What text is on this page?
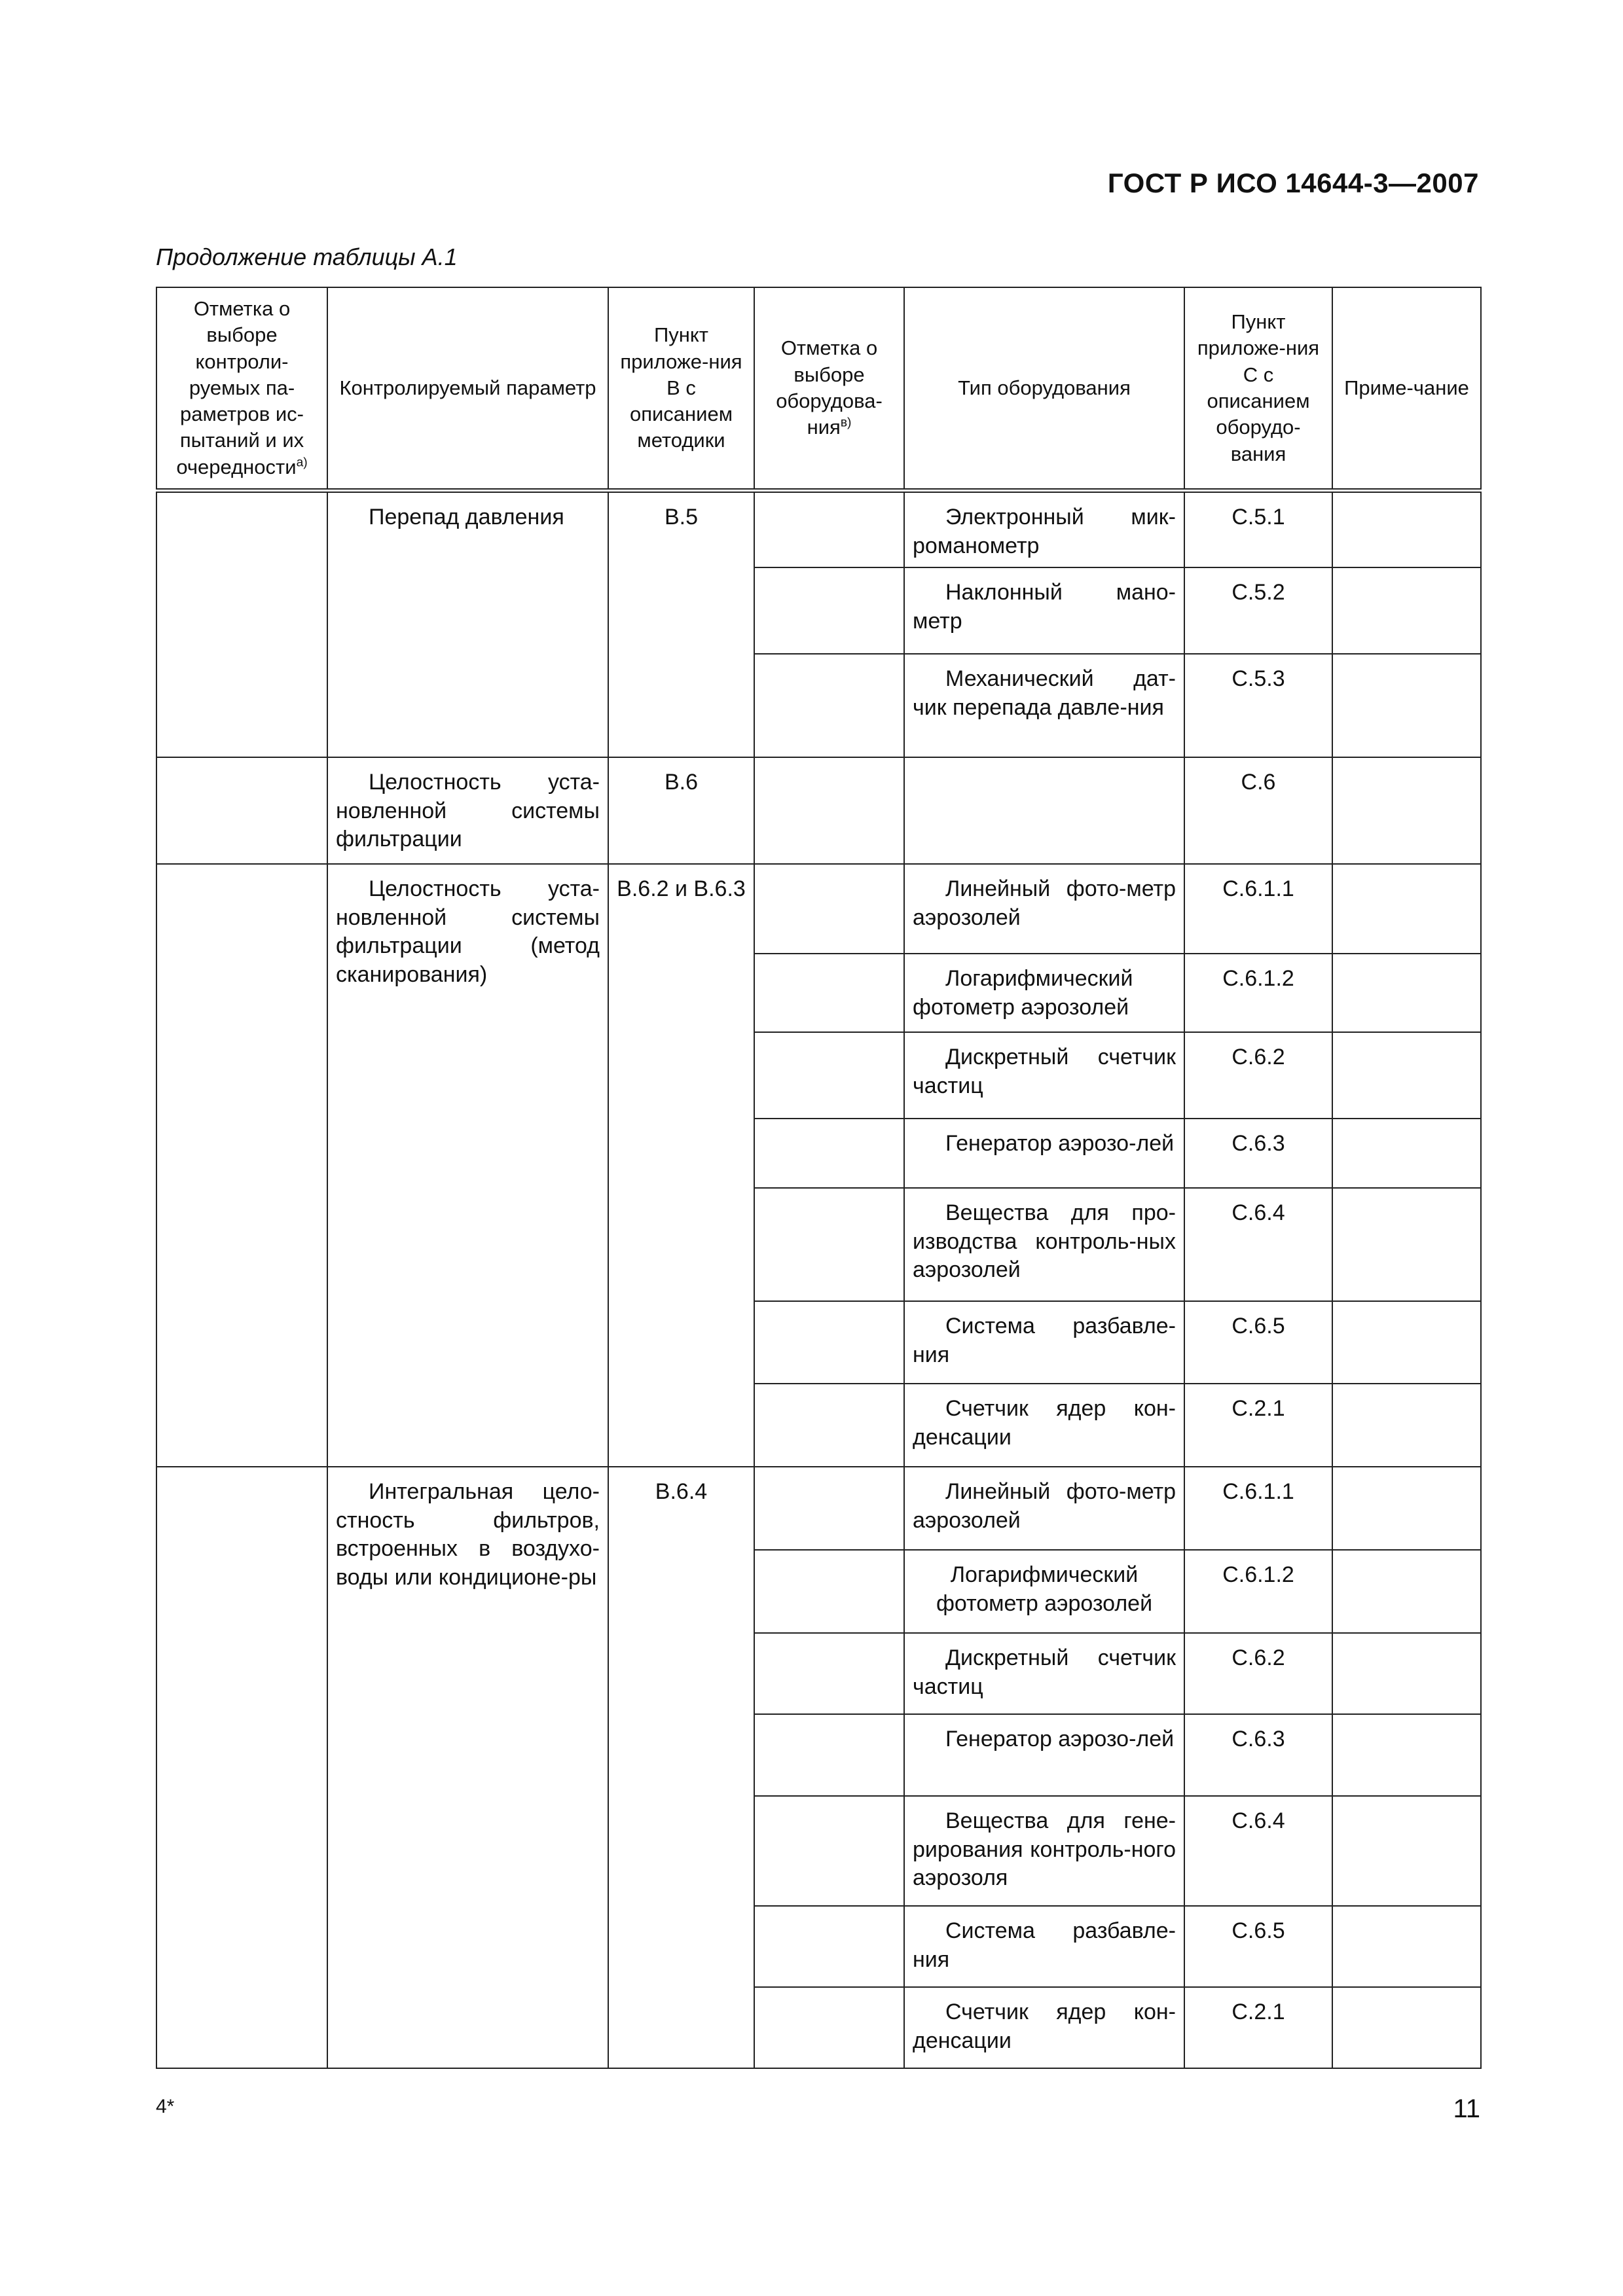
ГОСТ Р ИСО 14644-3—2007
Продолжение таблицы А.1
Отметка о выборе контроли-руемых па-раметров ис-пытаний и их очередности$^{а)}$	Контролируемый параметр	Пункт приложе-ния В с описанием методики	Отметка о выборе оборудова-ния$^{в)}$	Тип оборудования	Пункт приложе-ния С с описанием оборудо-вания	Приме-чание
	Перепад давления	В.5		Электронный мик-романометр	С.5.1	
				Наклонный мано-метр	С.5.2	
				Механический дат-чик перепада давле-ния	С.5.3	
	Целостность уста-новленной системы фильтрации	В.6			С.6	
	Целостность уста-новленной системы фильтрации (метод сканирования)	В.6.2 и В.6.3		Линейный фото-метр аэрозолей	С.6.1.1	
				Логарифмический фотометр аэрозолей	С.6.1.2	
				Дискретный счетчик частиц	С.6.2	
				Генератор аэрозо-лей	С.6.3	
				Вещества для про-изводства контроль-ных аэрозолей	С.6.4	
				Система разбавле-ния	С.6.5	
				Счетчик ядер кон-денсации	С.2.1	
	Интегральная цело-стность фильтров, встроенных в воздухо-воды или кондиционе-ры	В.6.4		Линейный фото-метр аэрозолей	С.6.1.1	
				Логарифмический фотометр аэрозолей	С.6.1.2	
				Дискретный счетчик частиц	С.6.2	
				Генератор аэрозо-лей	С.6.3	
				Вещества для гене-рирования контроль-ного аэрозоля	С.6.4	
				Система разбавле-ния	С.6.5	
				Счетчик ядер кон-денсации	С.2.1	
4*	11
